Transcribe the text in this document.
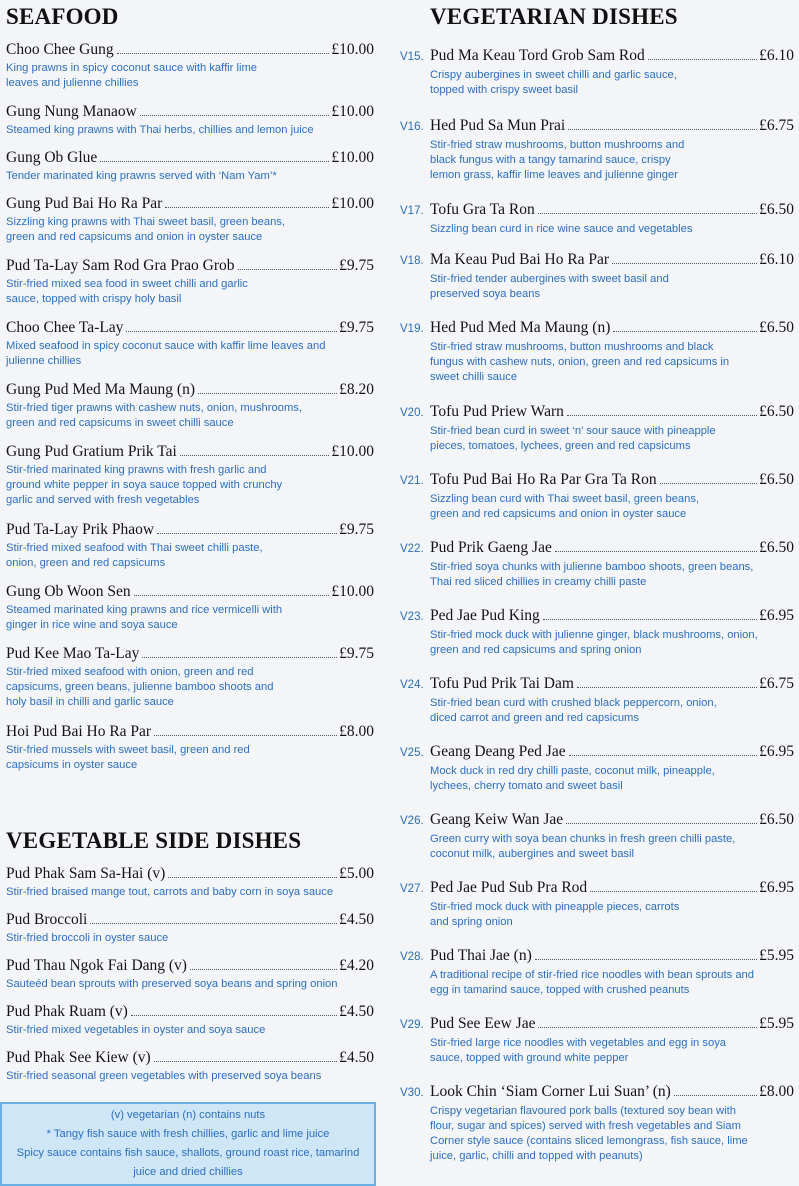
SEAFOOD
Choo Chee Gung	£10.00
King prawns in spicy coconut sauce with kaffir lime leaves and julienne chillies
Gung Nung Manaow	£10.00
Steamed king prawns with Thai herbs, chillies and lemon juice
Gung Ob Glue	£10.00
Tender marinated king prawns served with ‘Nam Yam’*
Gung Pud Bai Ho Ra Par	£10.00
Sizzling king prawns with Thai sweet basil, green beans, green and red capsicums and onion in oyster sauce
Pud Ta-Lay Sam Rod Gra Prao Grob	£9.75
Stir-fried mixed sea food in sweet chilli and garlic sauce, topped with crispy holy basil
Choo Chee Ta-Lay	£9.75
Mixed seafood in spicy coconut sauce with kaffir lime leaves and julienne chillies
Gung Pud Med Ma Maung (n)	£8.20
Stir-fried tiger prawns with cashew nuts, onion, mushrooms, green and red capsicums in sweet chilli sauce
Gung Pud Gratium Prik Tai	£10.00
Stir-fried marinated king prawns with fresh garlic and ground white pepper in soya sauce topped with crunchy garlic and served with fresh vegetables
Pud Ta-Lay Prik Phaow	£9.75
Stir-fried mixed seafood with Thai sweet chilli paste, onion, green and red capsicums
Gung Ob Woon Sen	£10.00
Steamed marinated king prawns and rice vermicelli with ginger in rice wine and soya sauce
Pud Kee Mao Ta-Lay	£9.75
Stir-fried mixed seafood with onion, green and red capsicums, green beans, julienne bamboo shoots and holy basil in chilli and garlic sauce
Hoi Pud Bai Ho Ra Par	£8.00
Stir-fried mussels with sweet basil, green and red capsicums in oyster sauce
VEGETABLE SIDE DISHES
Pud Phak Sam Sa-Hai (v)	£5.00
Stir-fried braised mange tout, carrots and baby corn in soya sauce
Pud Broccoli	£4.50
Stir-fried broccoli in oyster sauce
Pud Thau Ngok Fai Dang (v)	£4.20
Sauteéd bean sprouts with preserved soya beans and spring onion
Pud Phak Ruam (v)	£4.50
Stir-fried mixed vegetables in oyster and soya sauce
Pud Phak See Kiew (v)	£4.50
Stir-fried seasonal green vegetables with preserved soya beans
(v) vegetarian (n) contains nuts
* Tangy fish sauce with fresh chillies, garlic and lime juice
Spicy sauce contains fish sauce, shallots, ground roast rice, tamarind
juice and dried chillies
VEGETARIAN DISHES
V15. Pud Ma Keau Tord Grob Sam Rod	£6.10
Crispy aubergines in sweet chilli and garlic sauce, topped with crispy sweet basil
V16. Hed Pud Sa Mun Prai	£6.75
Stir-fried straw mushrooms, button mushrooms and black fungus with a tangy tamarind sauce, crispy lemon grass, kaffir lime leaves and julienne ginger
V17. Tofu Gra Ta Ron	£6.50
Sizzling bean curd in rice wine sauce and vegetables
V18. Ma Keau Pud Bai Ho Ra Par	£6.10
Stir-fried tender aubergines with sweet basil and preserved soya beans
V19. Hed Pud Med Ma Maung (n)	£6.50
Stir-fried straw mushrooms, button mushrooms and black fungus with cashew nuts, onion, green and red capsicums in sweet chilli sauce
V20. Tofu Pud Priew Warn	£6.50
Stir-fried bean curd in sweet ‘n’ sour sauce with pineapple pieces, tomatoes, lychees, green and red capsicums
V21. Tofu Pud Bai Ho Ra Par Gra Ta Ron	£6.50
Sizzling bean curd with Thai sweet basil, green beans, green and red capsicums and onion in oyster sauce
V22. Pud Prik Gaeng Jae	£6.50
Stir-fried soya chunks with julienne bamboo shoots, green beans, Thai red sliced chillies in creamy chilli paste
V23. Ped Jae Pud King	£6.95
Stir-fried mock duck with julienne ginger, black mushrooms, onion, green and red capsicums and spring onion
V24. Tofu Pud Prik Tai Dam	£6.75
Stir-fried bean curd with crushed black peppercorn, onion, diced carrot and green and red capsicums
V25. Geang Deang Ped Jae	£6.95
Mock duck in red dry chilli paste, coconut milk, pineapple, lychees, cherry tomato and sweet basil
V26. Geang Keiw Wan Jae	£6.50
Green curry with soya bean chunks in fresh green chilli paste, coconut milk, aubergines and sweet basil
V27. Ped Jae Pud Sub Pra Rod	£6.95
Stir-fried mock duck with pineapple pieces, carrots and spring onion
V28. Pud Thai Jae (n)	£5.95
A traditional recipe of stir-fried rice noodles with bean sprouts and egg in tamarind sauce, topped with crushed peanuts
V29. Pud See Eew Jae	£5.95
Stir-fried large rice noodles with vegetables and egg in soya sauce, topped with ground white pepper
V30. Look Chin ‘Siam Corner Lui Suan’ (n)	£8.00
Crispy vegetarian flavoured pork balls (textured soy bean with flour, sugar and spices) served with fresh vegetables and Siam Corner style sauce (contains sliced lemongrass, fish sauce, lime juice, garlic, chilli and topped with peanuts)
